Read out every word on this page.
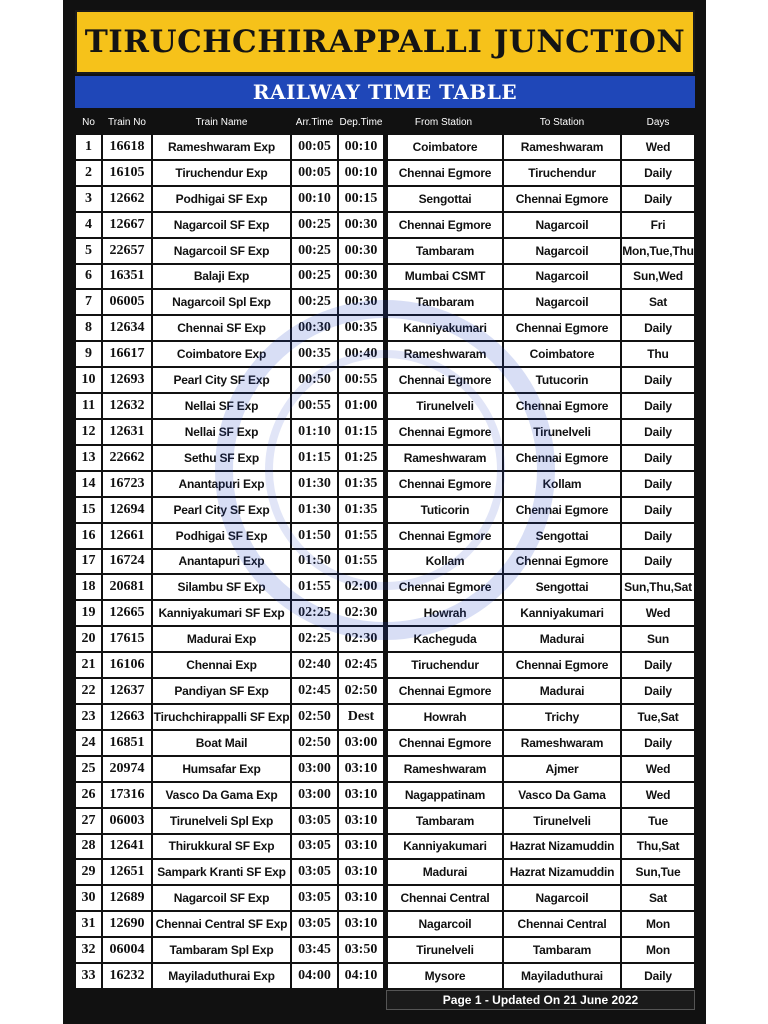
TIRUCHCHIRAPPALLI JUNCTION
RAILWAY TIME TABLE
No	Train No	Train Name	Arr.Time Dep.Time	From Station	To Station	Days
1	16618	Rameshwaram Exp	00:05 00:10	Coimbatore	Rameshwaram	Wed
2	16105	Tiruchendur Exp	00:05 00:10	Chennai Egmore	Tiruchendur	Daily
3	12662	Podhigai SF Exp	00:10 00:15	Sengottai	Chennai Egmore	Daily
4	12667	Nagarcoil SF Exp	00:25 00:30	Chennai Egmore	Nagarcoil	Fri
5	22657	Nagarcoil SF Exp	00:25 00:30	Tambaram	Nagarcoil	Mon,Tue,Thu
6	16351	Balaji Exp	00:25 00:30	Mumbai CSMT	Nagarcoil	Sun,Wed
7	06005	Nagarcoil Spl Exp	00:25 00:30	Tambaram	Nagarcoil	Sat
8	12634	Chennai SF Exp	00:30 00:35	Kanniyakumari	Chennai Egmore	Daily
9	16617	Coimbatore Exp	00:35 00:40	Rameshwaram	Coimbatore	Thu
10	12693	Pearl City SF Exp	00:50 00:55	Chennai Egmore	Tutucorin	Daily
11	12632	Nellai SF Exp	00:55 01:00	Tirunelveli	Chennai Egmore	Daily
12	12631	Nellai SF Exp	01:10 01:15	Chennai Egmore	Tirunelveli	Daily
13	22662	Sethu SF Exp	01:15 01:25	Rameshwaram	Chennai Egmore	Daily
14	16723	Anantapuri Exp	01:30 01:35	Chennai Egmore	Kollam	Daily
15	12694	Pearl City SF Exp	01:30 01:35	Tuticorin	Chennai Egmore	Daily
16	12661	Podhigai SF Exp	01:50 01:55	Chennai Egmore	Sengottai	Daily
17	16724	Anantapuri Exp	01:50 01:55	Kollam	Chennai Egmore	Daily
18	20681	Silambu SF Exp	01:55 02:00	Chennai Egmore	Sengottai	Sun,Thu,Sat
19	12665	Kanniyakumari SF Exp 02:25 02:30	Howrah	Kanniyakumari	Wed
20	17615	Madurai Exp	02:25 02:30	Kacheguda	Madurai	Sun
21	16106	Chennai Exp	02:40 02:45	Tiruchendur	Chennai Egmore	Daily
22	12637	Pandiyan SF Exp	02:45 02:50	Chennai Egmore	Madurai	Daily
23	12663 Tiruchchirappalli SF Exp 02:50	Dest	Howrah	Trichy	Tue,Sat
24	16851	Boat Mail	02:50 03:00	Chennai Egmore	Rameshwaram	Daily
25	20974	Humsafar Exp	03:00 03:10	Rameshwaram	Ajmer	Wed
26	17316	Vasco Da Gama Exp	03:00 03:10	Nagappatinam	Vasco Da Gama	Wed
27	06003	Tirunelveli Spl Exp	03:05 03:10	Tambaram	Tirunelveli	Tue
28	12641	Thirukkural SF Exp	03:05 03:10	Kanniyakumari	Hazrat Nizamuddin	Thu,Sat
29	12651	Sampark Kranti SF Exp 03:05 03:10	Madurai	Hazrat Nizamuddin	Sun,Tue
30	12689	Nagarcoil SF Exp	03:05 03:10	Chennai Central	Nagarcoil	Sat
31	12690 Chennai Central SF Exp 03:05 03:10	Nagarcoil	Chennai Central	Mon
32	06004	Tambaram Spl Exp	03:45 03:50	Tirunelveli	Tambaram	Mon
33	16232	Mayiladuthurai Exp	04:00 04:10	Mysore	Mayiladuthurai	Daily
Page 1 - Updated On 21 June 2022
